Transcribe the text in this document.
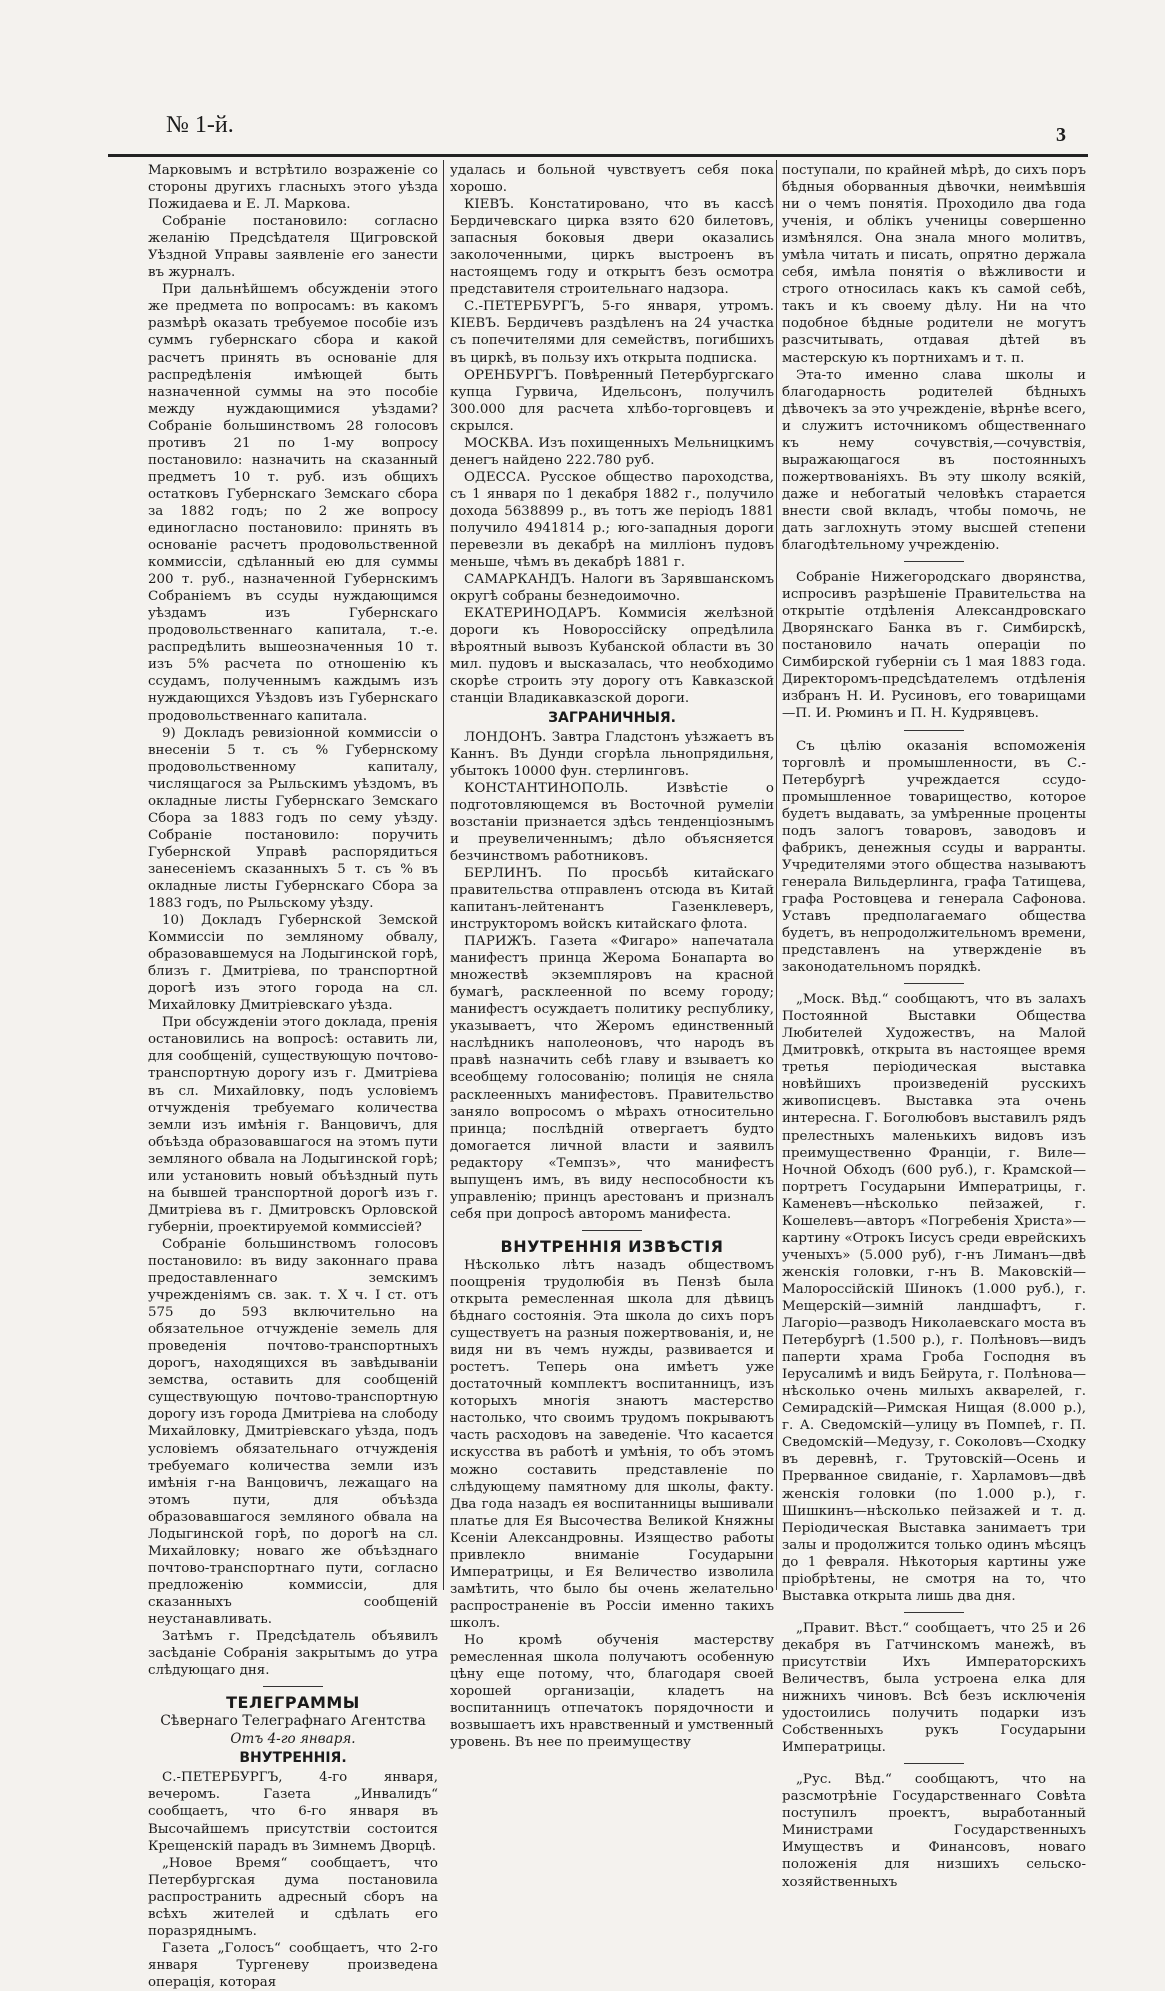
№ 1-й.	3

Марковымъ и встрѣтило возраженіе со стороны другихъ гласныхъ этого уѣзда Пожидаева и Е. Л. Маркова.

Собраніе постановило: согласно желанію Предсѣдателя Щигровской Уѣздной Управы заявленіе его занести въ журналъ.

При дальнѣйшемъ обсужденіи этого же предмета по вопросамъ: въ какомъ размѣрѣ оказать требуемое пособіе изъ суммъ губернскаго сбора и какой расчетъ принять въ основаніе для распредѣленія имѣющей быть назначенной суммы на это пособіе между нуждающимися уѣздами? Собраніе большинствомъ 28 голосовъ противъ 21 по 1-му вопросу постановило: назначить на сказанный предметъ 10 т. руб. изъ общихъ остатковъ Губернскаго Земскаго сбора за 1882 годъ; по 2 же вопросу единогласно постановило: принять въ основаніе расчетъ продовольственной коммиссіи, сдѣланный ею для суммы 200 т. руб., назначенной Губернскимъ Собраніемъ въ ссуды нуждающимся уѣздамъ изъ Губернскаго продовольственнаго капитала, т.-е. распредѣлить вышеозначенныя 10 т. изъ 5% расчета по отношенію къ ссудамъ, полученнымъ каждымъ изъ нуждающихся Уѣздовъ изъ Губернскаго продовольственнаго капитала.

9) Докладъ ревизіонной коммиссіи о внесеніи 5 т. съ % Губернскому продовольственному капиталу, числящагося за Рыльскимъ уѣздомъ, въ окладные листы Губернскаго Земскаго Сбора за 1883 годъ по сему уѣзду. Собраніе постановило: поручить Губернской Управѣ распорядиться занесеніемъ сказанныхъ 5 т. съ % въ окладные листы Губернскаго Сбора за 1883 годъ, по Рыльскому уѣзду.

10) Докладъ Губернской Земской Коммиссіи по земляному обвалу, образовавшемуся на Лодыгинской горѣ, близъ г. Дмитріева, по транспортной дорогѣ изъ этого города на сл. Михайловку Дмитріевскаго уѣзда.

При обсужденіи этого доклада, пренія остановились на вопросѣ: оставить ли, для сообщеній, существующую почтово-транспортную дорогу изъ г. Дмитріева въ сл. Михайловку, подъ условіемъ отчужденія требуемаго количества земли изъ имѣнія г. Ванцовичъ, для объѣзда образовавшагося на этомъ пути земляного обвала на Лодыгинской горѣ; или установить новый объѣздный путь на бывшей транспортной дорогѣ изъ г. Дмитріева въ г. Дмитровскъ Орловской губерніи, проектируемой коммиссіей?

Собраніе большинствомъ голосовъ постановило: въ виду законнаго права предоставленнаго земскимъ учрежденіямъ св. зак. т. X ч. I ст. отъ 575 до 593 включительно на обязательное отчужденіе земель для проведенія почтово-транспортныхъ дорогъ, находящихся въ завѣдываніи земства, оставить для сообщеній существующую почтово-транспортную дорогу изъ города Дмитріева на слободу Михайловку, Дмитріевскаго уѣзда, подъ условіемъ обязательнаго отчужденія требуемаго количества земли изъ имѣнія г-на Ванцовичъ, лежащаго на этомъ пути, для объѣзда образовавшагося земляного обвала на Лодыгинской горѣ, по дорогѣ на сл. Михайловку; новаго же объѣзднаго почтово-транспортнаго пути, согласно предложенію коммиссіи, для сказанныхъ сообщеній неустанавливать.

Затѣмъ г. Предсѣдатель объявилъ засѣданіе Собранія закрытымъ до утра слѣдующаго дня.

ТЕЛЕГРАММЫ
Сѣвернаго Телеграфнаго Агентства
Отъ 4-го января.
ВНУТРЕННІЯ.

С.-ПЕТЕРБУРГЪ, 4-го января, вечеромъ. Газета „Инвалидъ“ сообщаетъ, что 6-го января въ Высочайшемъ присутствіи состоится Крещенскій парадъ въ Зимнемъ Дворцѣ.

„Новое Время“ сообщаетъ, что Петербургская дума постановила распространить адресный сборъ на всѣхъ жителей и сдѣлать его поразряднымъ.

Газета „Голосъ“ сообщаетъ, что 2-го января Тургеневу произведена операція, которая

удалась и больной чувствуетъ себя пока хорошо.

КІЕВЪ. Констатировано, что въ кассѣ Бердичевскаго цирка взято 620 билетовъ, запасныя боковыя двери оказались заколоченными, циркъ выстроенъ въ настоящемъ году и открытъ безъ осмотра представителя строительнаго надзора.

С.-ПЕТЕРБУРГЪ, 5-го января, утромъ. КІЕВЪ. Бердичевъ раздѣленъ на 24 участка съ попечителями для семействъ, погибшихъ въ циркѣ, въ пользу ихъ открыта подписка.

ОРЕНБУРГЪ. Повѣренный Петербургскаго купца Гурвича, Идельсонъ, получилъ 300.000 для расчета хлѣбо-торговцевъ и скрылся.

МОСКВА. Изъ похищенныхъ Мельницкимъ денегъ найдено 222.780 руб.

ОДЕССА. Русское общество пароходства, съ 1 января по 1 декабря 1882 г., получило дохода 5638899 р., въ тотъ же періодъ 1881 получило 4941814 р.; юго-западныя дороги перевезли въ декабрѣ на милліонъ пудовъ меньше, чѣмъ въ декабрѣ 1881 г.

САМАРКАНДЪ. Налоги въ Зарявшанскомъ округѣ собраны безнедоимочно.

ЕКАТЕРИНОДАРЪ. Коммисія желѣзной дороги къ Новороссійску опредѣлила вѣроятный вывозъ Кубанской области въ 30 мил. пудовъ и высказалась, что необходимо скорѣе строить эту дорогу отъ Кавказской станціи Владикавказской дороги.

ЗАГРАНИЧНЫЯ.

ЛОНДОНЪ. Завтра Гладстонъ уѣзжаетъ въ Каннъ. Въ Дунди сгорѣла льнопрядильня, убытокъ 10000 фун. стерлинговъ.

КОНСТАНТИНОПОЛЬ. Извѣстіе о подготовляющемся въ Восточной румеліи возстаніи признается здѣсь тенденціознымъ и преувеличеннымъ; дѣло объясняется безчинствомъ работниковъ.

БЕРЛИНЪ. По просьбѣ китайскаго правительства отправленъ отсюда въ Китай капитанъ-лейтенантъ Газенклеверъ, инструкторомъ войскъ китайскаго флота.

ПАРИЖЪ. Газета «Фигаро» напечатала манифестъ принца Жерома Бонапарта во множествѣ экземпляровъ на красной бумагѣ, расклеенной по всему городу; манифестъ осуждаетъ политику республику, указываетъ, что Жеромъ единственный наслѣдникъ наполеоновъ, что народъ въ правѣ назначить себѣ главу и взываетъ ко всеобщему голосованію; полиція не сняла расклеенныхъ манифестовъ. Правительство заняло вопросомъ о мѣрахъ относительно принца; послѣдній отвергаетъ будто домогается личной власти и заявилъ редактору «Темпзъ», что манифестъ выпущенъ имъ, въ виду неспособности къ управленію; принцъ арестованъ и призналъ себя при допросѣ авторомъ манифеста.

ВНУТРЕННІЯ ИЗВѢСТІЯ

Нѣсколько лѣтъ назадъ обществомъ поощренія трудолюбія въ Пензѣ была открыта ремесленная школа для дѣвицъ бѣднаго состоянія. Эта школа до сихъ поръ существуетъ на разныя пожертвованія, и, не видя ни въ чемъ нужды, развивается и ростетъ. Теперь она имѣетъ уже достаточный комплектъ воспитанницъ, изъ которыхъ многія знаютъ мастерство настолько, что своимъ трудомъ покрываютъ часть расходовъ на заведеніе. Что касается искусства въ работѣ и умѣнія, то объ этомъ можно составить представленіе по слѣдующему памятному для школы, факту. Два года назадъ ея воспитанницы вышивали платье для Ея Высочества Великой Княжны Ксеніи Александровны. Изящество работы привлекло вниманіе Государыни Императрицы, и Ея Величество изволила замѣтить, что было бы очень желательно распространеніе въ Россіи именно такихъ школъ.

Но кромѣ обученія мастерству ремесленная школа получаютъ особенную цѣну еще потому, что, благодаря своей хорошей организаціи, кладетъ на воспитанницъ отпечатокъ порядочности и возвышаетъ ихъ нравственный и умственный уровень. Въ нее по преимуществу

поступали, по крайней мѣрѣ, до сихъ поръ бѣдныя оборванныя дѣвочки, неимѣвшія ни о чемъ понятія. Проходило два года ученія, и облікъ ученицы совершенно измѣнялся. Она знала много молитвъ, умѣла читать и писать, опрятно держала себя, имѣла понятія о вѣжливости и строго относилась какъ къ самой себѣ, такъ и къ своему дѣлу. Ни на что подобное бѣдные родители не могутъ разсчитывать, отдавая дѣтей въ мастерскую къ портнихамъ и т. п.

Эта-то именно слава школы и благодарность родителей бѣдныхъ дѣвочекъ за это учрежденіе, вѣрнѣе всего, и служитъ источникомъ общественнаго къ нему сочувствія,—сочувствія, выражающагося въ постоянныхъ пожертвованіяхъ. Въ эту школу всякій, даже и небогатый человѣкъ старается внести свой вкладъ, чтобы помочь, не дать заглохнуть этому высшей степени благодѣтельному учрежденію.

Собраніе Нижегородскаго дворянства, испросивъ разрѣшеніе Правительства на открытіе отдѣленія Александровскаго Дворянскаго Банка въ г. Симбирскѣ, постановило начать операціи по Симбирской губерніи съ 1 мая 1883 года. Директоромъ-предсѣдателемъ отдѣленія избранъ Н. И. Русиновъ, его товарищами—П. И. Рюминъ и П. Н. Кудрявцевъ.

Съ цѣлію оказанія вспоможенія торговлѣ и промышленности, въ С.-Петербургѣ учреждается ссудо-промышленное товарищество, которое будетъ выдавать, за умѣренные проценты подъ залогъ товаровъ, заводовъ и фабрикъ, денежныя ссуды и варранты. Учредителями этого общества называютъ генерала Вильдерлинга, графа Татищева, графа Ростовцева и генерала Сафонова. Уставъ предполагаемаго общества будетъ, въ непродолжительномъ времени, представленъ на утвержденіе въ законодательномъ порядкѣ.

„Моск. Вѣд.“ сообщаютъ, что въ залахъ Постоянной Выставки Общества Любителей Художествъ, на Малой Дмитровкѣ, открыта въ настоящее время третья періодическая выставка новѣйшихъ произведеній русскихъ живописцевъ. Выставка эта очень интересна. Г. Боголюбовъ выставилъ рядъ прелестныхъ маленькихъ видовъ изъ преимущественно Франціи, г. Виле—Ночной Обходъ (600 руб.), г. Крамской—портретъ Государыни Императрицы, г. Каменевъ—нѣсколько пейзажей, г. Кошелевъ—авторъ «Погребенія Христа»—картину «Отрокъ Іисусъ среди еврейскихъ ученыхъ» (5.000 руб), г-нъ Лиманъ—двѣ женскія головки, г-нъ В. Маковскій—Малороссійскій Шинокъ (1.000 руб.), г. Мещерскій—зимній ландшафтъ, г. Лагоріо—разводъ Николаевскаго моста въ Петербургѣ (1.500 р.), г. Полѣновъ—видъ паперти храма Гроба Господня въ Іерусалимѣ и видъ Бейрута, г. Полѣнова—нѣсколько очень милыхъ акварелей, г. Семирадскій—Римская Нищая (8.000 р.), г. А. Сведомскій—улицу въ Помпеѣ, г. П. Сведомскій—Медузу, г. Соколовъ—Сходку въ деревнѣ, г. Трутовскій—Осень и Прерванное свиданіе, г. Харламовъ—двѣ женскія головки (по 1.000 р.), г. Шишкинъ—нѣсколько пейзажей и т. д. Періодическая Выставка занимаетъ три залы и продолжится только одинъ мѣсяцъ до 1 февраля. Нѣкоторыя картины уже пріобрѣтены, не смотря на то, что Выставка открыта лишь два дня.

„Правит. Вѣст.“ сообщаетъ, что 25 и 26 декабря въ Гатчинскомъ манежѣ, въ присутствіи Ихъ Императорскихъ Величествъ, была устроена елка для нижнихъ чиновъ. Всѣ безъ исключенія удостоились получить подарки изъ Собственныхъ рукъ Государыни Императрицы.

„Рус. Вѣд.“ сообщаютъ, что на разсмотрѣніе Государственнаго Совѣта поступилъ проектъ, выработанный Министрами Государственныхъ Имуществъ и Финансовъ, новаго положенія для низшихъ сельско-хозяйственныхъ
